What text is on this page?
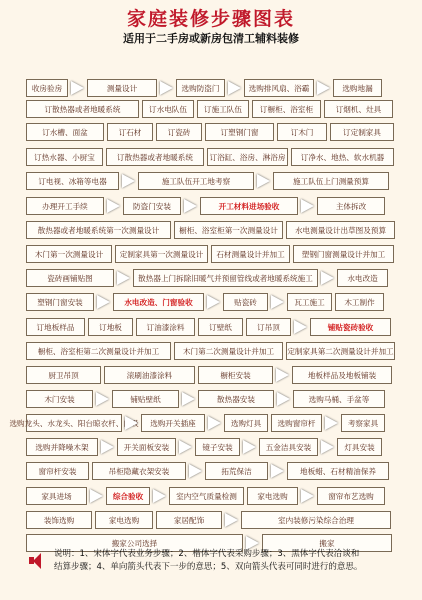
家庭装修步骤图表
适用于二手房或新房包清工辅料装修
收房验房	测量设计	选购防盗门	选购排风扇、浴霸	选购地漏
订散热器或者地暖系统	订水电队伍	订施工队伍	订橱柜、浴室柜	订烟机、灶具
订水槽、面盆	订石材	订瓷砖	订塑钢门窗	订木门	订定制家具
订热水器、小厨宝	订散热器或者地暖系统	订浴缸、浴房、淋浴房	订净水、地热、软水机器
订电视、冰箱等电器	施工队伍开工地考察	施工队伍上门测量预算
办理开工手续	防盗门安装	开工材料进场验收	主体拆改
散热器或者地暖系统第一次测量设计	橱柜、浴室柜第一次测量设计	水电测量设计出草图及预算
木门第一次测量设计	定制家具第一次测量设计	石材测量设计并加工	塑钢门窗测量设计并加工
瓷砖画铺贴图	散热器上门拆除旧暖气并预留管线或者地暖系统施工	水电改造
塑钢门窗安装	水电改造、门窗验收	贴瓷砖	瓦工施工	木工制作
订地板样品	订地板	订油漆涂料	订壁纸	订吊顶	铺贴瓷砖验收
橱柜、浴室柜第二次测量设计并加工	木门第二次测量设计并加工	定制家具第二次测量设计并加工
厨卫吊顶	滚刷油漆涂料	橱柜安装	地板样品及地板铺装
木门安装	铺贴壁纸	散热器安装	选购马桶、手盆等
选购龙头、水龙头、阳台晾衣杆、门吸	选购开关插座	选购灯具	选购窗帘杆	考察家具
选购并降噪木架	开关面板安装	镜子安装	五金洁具安装	灯具安装
窗帘杆安装	吊柜隐藏衣架安装	拓荒保洁	地板蜡、石材精油保养
家具进场	综合验收	室内空气质量检测	家电选购	窗帘布艺选购
装饰选购	家电选购	家居配饰	室内装修污染综合治理
搬家公司选择	搬家
说明：1、宋体字代表业务步骤；2、楷体字代表采购步骤；3、黑体字代表洽谈和
结算步骤；4、单向箭头代表下一步的意思；5、双向箭头代表可同时进行的意思。
